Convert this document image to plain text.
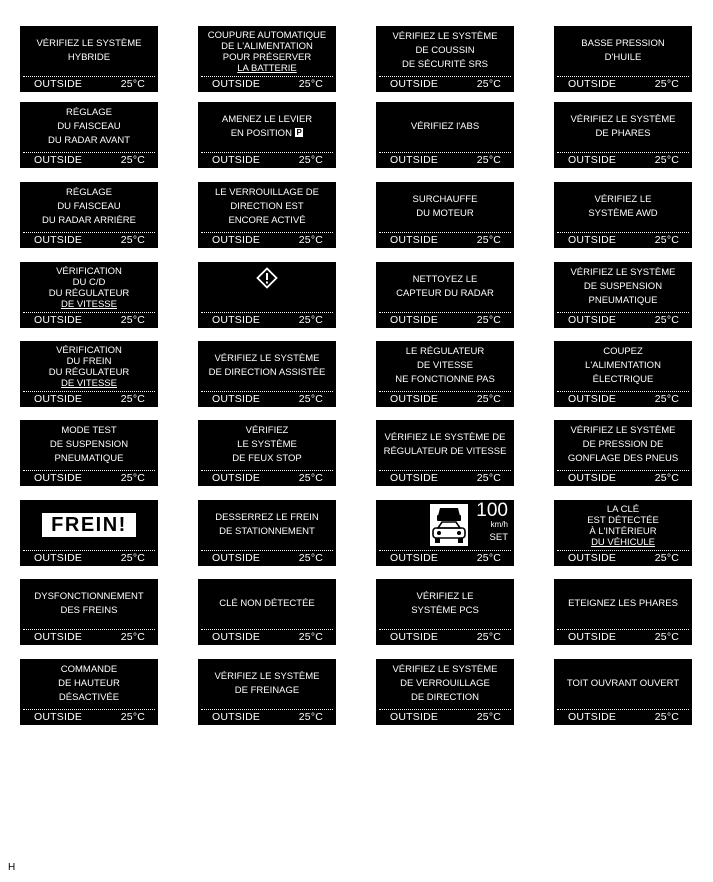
VÉRIFIEZ LE SYSTÈME
HYBRIDE
OUTSIDE	25°C
COUPURE AUTOMATIQUE
DE L'ALIMENTATION
POUR PRÉSERVER
LA BATTERIE
OUTSIDE	25°C
VÉRIFIEZ LE SYSTÈME
DE COUSSIN
DE SÉCURITÉ SRS
OUTSIDE	25°C
BASSE PRESSION
D'HUILE
OUTSIDE	25°C
RÉGLAGE
DU FAISCEAU
DU RADAR AVANT
OUTSIDE	25°C
AMENEZ LE LEVIER
EN POSITION P
OUTSIDE	25°C
VÉRIFIEZ l'ABS
OUTSIDE	25°C
VÉRIFIEZ LE SYSTÈME
DE PHARES
OUTSIDE	25°C
RÉGLAGE
DU FAISCEAU
DU RADAR ARRIÈRE
OUTSIDE	25°C
LE VERROUILLAGE DE
DIRECTION EST
ENCORE ACTIVÉ
OUTSIDE	25°C
SURCHAUFFE
DU MOTEUR
OUTSIDE	25°C
VÉRIFIEZ LE
SYSTÈME AWD
OUTSIDE	25°C
VÉRIFICATION
DU C/D
DU RÉGULATEUR
DE VITESSE
OUTSIDE	25°C	OUTSIDE	25°C
NETTOYEZ LE
CAPTEUR DU RADAR
OUTSIDE	25°C
VÉRIFIEZ LE SYSTÈME
DE SUSPENSION
PNEUMATIQUE
OUTSIDE	25°C
VÉRIFICATION
DU FREIN
DU RÉGULATEUR
DE VITESSE
OUTSIDE	25°C
VÉRIFIEZ LE SYSTÈME
DE DIRECTION ASSISTÉE
OUTSIDE	25°C
LE RÉGULATEUR
DE VITESSE
NE FONCTIONNE PAS
OUTSIDE	25°C
COUPEZ
L'ALIMENTATION
ÉLECTRIQUE
OUTSIDE	25°C
MODE TEST
DE SUSPENSION
PNEUMATIQUE
OUTSIDE	25°C
VÉRIFIEZ
LE SYSTÈME
DE FEUX STOP
OUTSIDE	25°C
VÉRIFIEZ LE SYSTÈME DE
RÉGULATEUR DE VITESSE
OUTSIDE	25°C
VÉRIFIEZ LE SYSTÈME
DE PRESSION DE
GONFLAGE DES PNEUS
OUTSIDE	25°C
FREIN!
OUTSIDE	25°C
DESSERREZ LE FREIN
DE STATIONNEMENT
OUTSIDE	25°C
100
km/h
SET
OUTSIDE	25°C
LA CLÉ
EST DÉTECTÉE
À L'INTÉRIEUR
DU VÉHICULE
OUTSIDE	25°C
DYSFONCTIONNEMENT
DES FREINS
OUTSIDE	25°C
CLÉ NON DÉTECTÉE
OUTSIDE	25°C
VÉRIFIEZ LE
SYSTÈME PCS
OUTSIDE	25°C
ETEIGNEZ LES PHARES
OUTSIDE	25°C
COMMANDE
DE HAUTEUR
DÉSACTIVÉE
OUTSIDE	25°C
VÉRIFIEZ LE SYSTÈME
DE FREINAGE
OUTSIDE	25°C
VÉRIFIEZ LE SYSTÈME
DE VERROUILLAGE
DE DIRECTION
OUTSIDE	25°C
TOIT OUVRANT OUVERT
OUTSIDE	25°C
H
